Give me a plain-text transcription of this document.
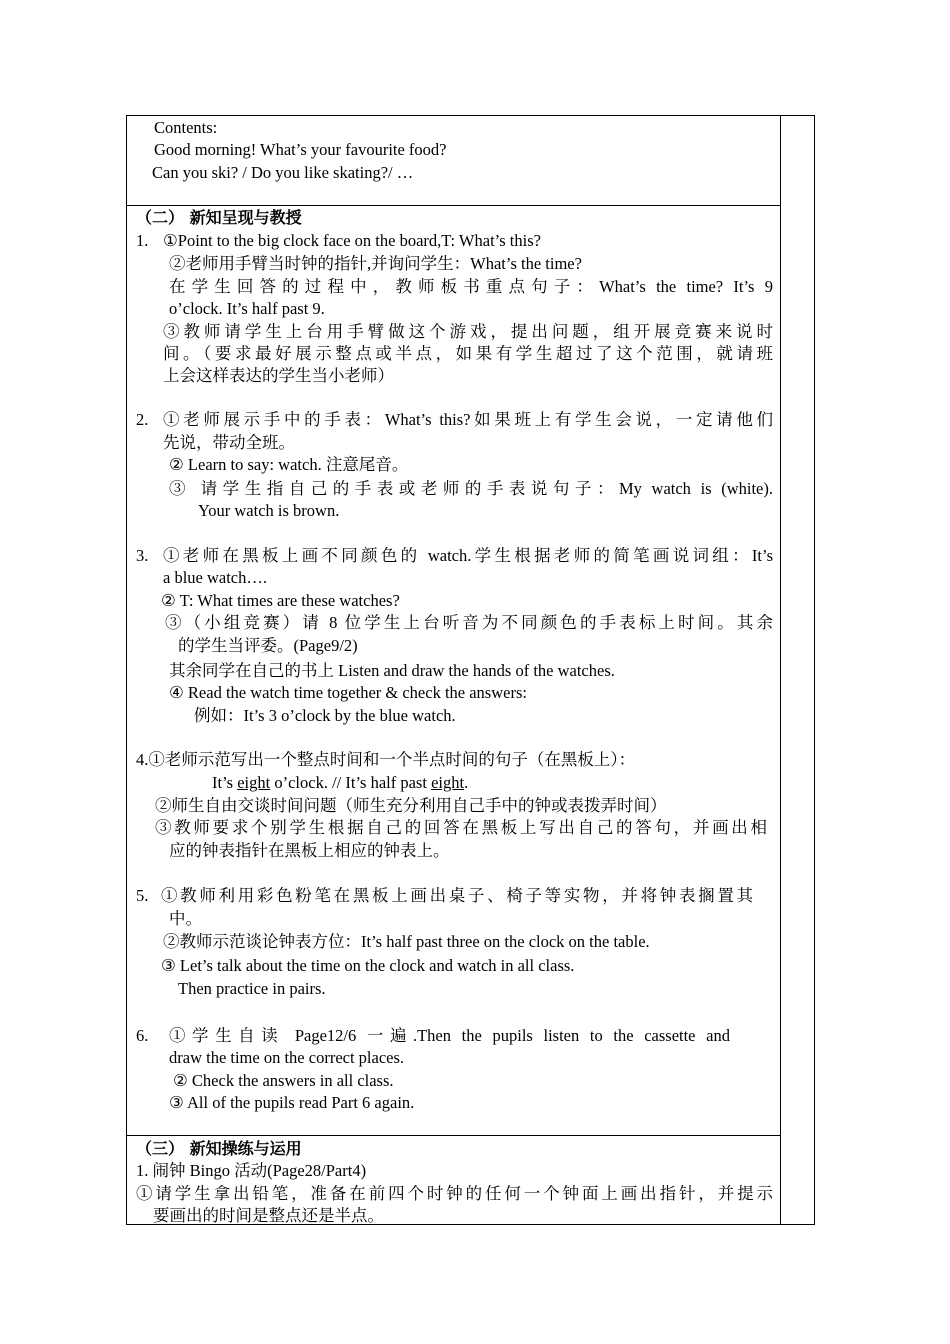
Contents:
Good morning! What’s your favourite food?
Can you ski? / Do you like skating?/ …
（二） 新知呈现与教授
1. ①Point to the big clock face on the board,T: What’s this?
②老师用手臂当时钟的指针,并询问学生：What’s the time?
在学生回答的过程中，教师板书重点句子：What’s the time? It’s 9
o’clock. It’s half past 9.
③教师请学生上台用手臂做这个游戏，提出问题，组开展竞赛来说时
间。（要求最好展示整点或半点，如果有学生超过了这个范围，就请班
上会这样表达的学生当小老师）
2. ①老师展示手中的手表：What’s this?如果班上有学生会说，一定请他们
先说，带动全班。
② Learn to say: watch. 注意尾音。
③ 请学生指自己的手表或老师的手表说句子：My watch is (white).
Your watch is brown.
3. ①老师在黑板上画不同颜色的 watch.学生根据老师的简笔画说词组：It’s
a blue watch….
② T: What times are these watches?
③（小组竞赛）请 8 位学生上台听音为不同颜色的手表标上时间。其余
的学生当评委。(Page9/2)
其余同学在自己的书上 Listen and draw the hands of the watches.
④ Read the watch time together & check the answers:
例如：It’s 3 o’clock by the blue watch.
4.①老师示范写出一个整点时间和一个半点时间的句子（在黑板上）：
It’s eight o’clock. // It’s half past eight.
②师生自由交谈时间问题（师生充分利用自己手中的钟或表拨弄时间）
③教师要求个别学生根据自己的回答在黑板上写出自己的答句，并画出相
应的钟表指针在黑板上相应的钟表上。
5. ①教师利用彩色粉笔在黑板上画出桌子、椅子等实物，并将钟表搁置其
中。
②教师示范谈论钟表方位：It’s half past three on the clock on the table.
③ Let’s talk about the time on the clock and watch in all class.
Then practice in pairs.
6. ①学生自读 Page12/6 一遍.Then the pupils listen to the cassette and
draw the time on the correct places.
② Check the answers in all class.
③ All of the pupils read Part 6 again.
（三） 新知操练与运用
1. 闹钟 Bingo 活动(Page28/Part4)
①请学生拿出铅笔，准备在前四个时钟的任何一个钟面上画出指针，并提示
要画出的时间是整点还是半点。
